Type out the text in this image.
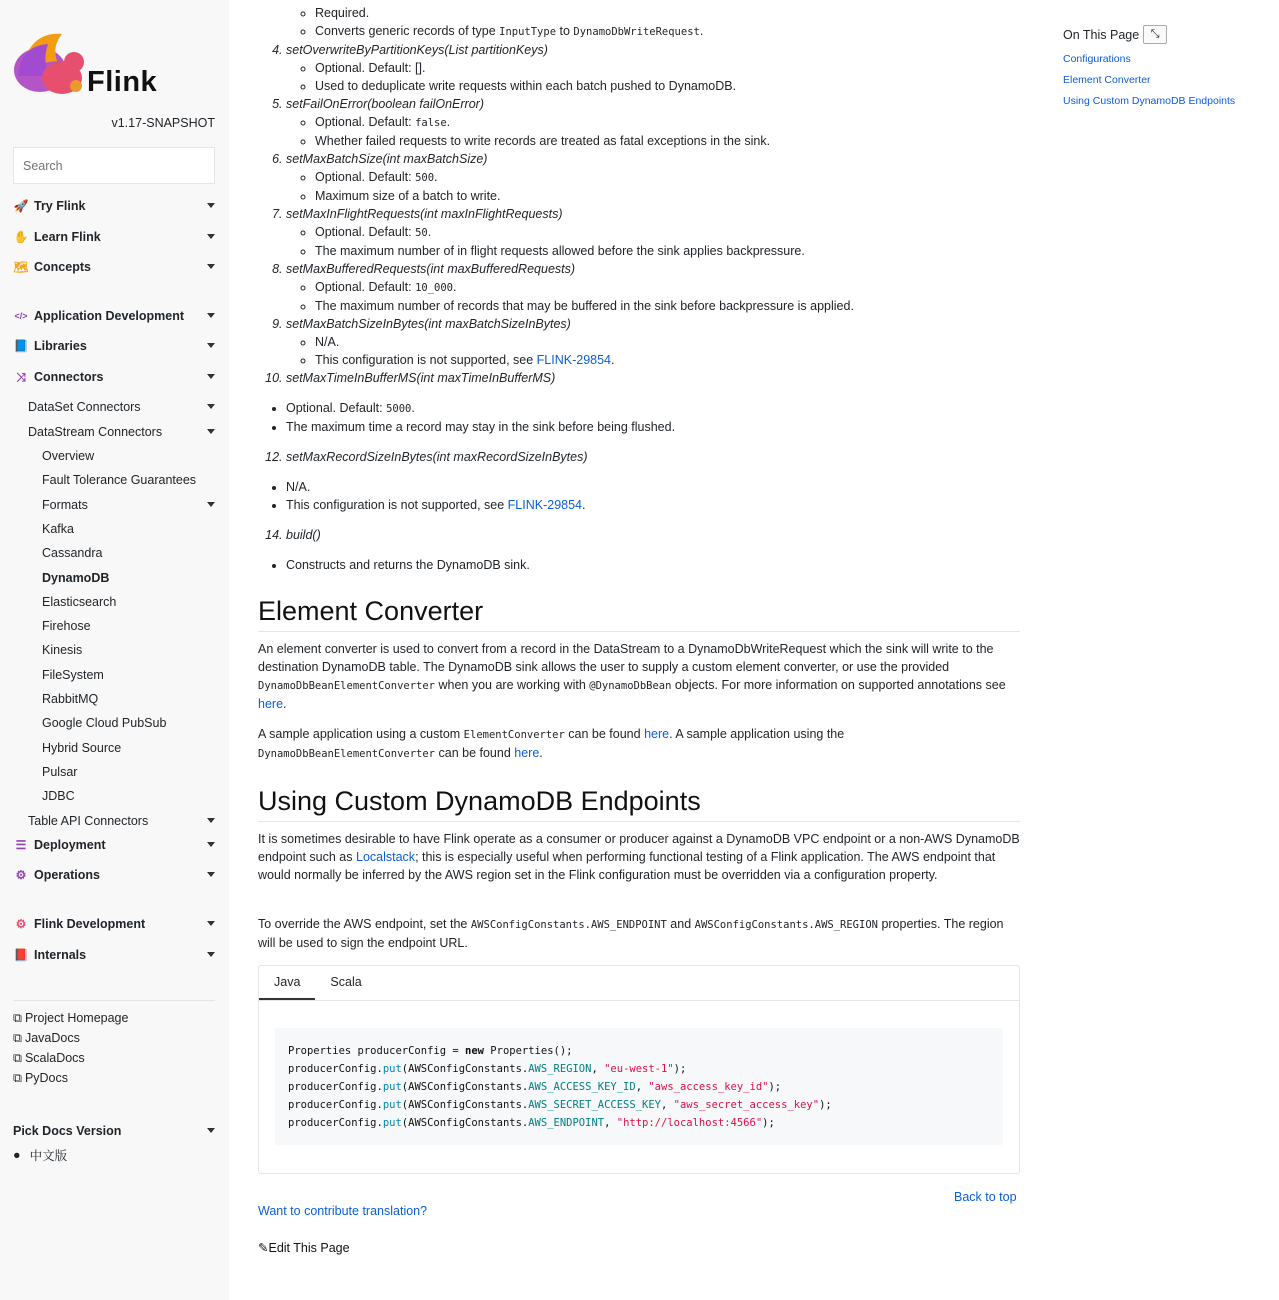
Flink
v1.17-SNAPSHOT
Search
🚀 Try Flink
✋ Learn Flink
🗺 Concepts
</> Application Development
📘 Libraries
⤨ Connectors
DataSet Connectors
DataStream Connectors
Overview
Fault Tolerance Guarantees
Formats
Kafka
Cassandra
DynamoDB
Elasticsearch
Firehose
Kinesis
FileSystem
RabbitMQ
Google Cloud PubSub
Hybrid Source
Pulsar
JDBC
Table API Connectors
☰ Deployment
⚙ Operations
⚙ Flink Development
📕 Internals
⧉ Project Homepage
⧉ JavaDocs
⧉ ScalaDocs
⧉ PyDocs
Pick Docs Version
● 中文版
◦ Required.
◦ Converts generic records of type InputType to DynamoDbWriteRequest.
4. setOverwriteByPartitionKeys(List partitionKeys)
◦ Optional. Default: [].
◦ Used to deduplicate write requests within each batch pushed to DynamoDB.
5. setFailOnError(boolean failOnError)
◦ Optional. Default: false.
◦ Whether failed requests to write records are treated as fatal exceptions in the sink.
6. setMaxBatchSize(int maxBatchSize)
◦ Optional. Default: 500.
◦ Maximum size of a batch to write.
7. setMaxInFlightRequests(int maxInFlightRequests)
◦ Optional. Default: 50.
◦ The maximum number of in flight requests allowed before the sink applies backpressure.
8. setMaxBufferedRequests(int maxBufferedRequests)
◦ Optional. Default: 10_000.
◦ The maximum number of records that may be buffered in the sink before backpressure is applied.
9. setMaxBatchSizeInBytes(int maxBatchSizeInBytes)
◦ N/A.
◦ This configuration is not supported, see FLINK-29854.
10. setMaxTimeInBufferMS(int maxTimeInBufferMS)
• Optional. Default: 5000.
• The maximum time a record may stay in the sink before being flushed.
12. setMaxRecordSizeInBytes(int maxRecordSizeInBytes)
• N/A.
• This configuration is not supported, see FLINK-29854.
14. build()
• Constructs and returns the DynamoDB sink.
Element Converter

An element converter is used to convert from a record in the DataStream to a DynamoDbWriteRequest which the sink will write to the destination DynamoDB table. The DynamoDB sink allows the user to supply a custom element converter, or use the provided DynamoDbBeanElementConverter when you are working with @DynamoDbBean objects. For more information on supported annotations see here.

A sample application using a custom ElementConverter can be found here. A sample application using the DynamoDbBeanElementConverter can be found here.

Using Custom DynamoDB Endpoints

It is sometimes desirable to have Flink operate as a consumer or producer against a DynamoDB VPC endpoint or a non-AWS DynamoDB endpoint such as Localstack; this is especially useful when performing functional testing of a Flink application. The AWS endpoint that would normally be inferred by the AWS region set in the Flink configuration must be overridden via a configuration property.

To override the AWS endpoint, set the AWSConfigConstants.AWS_ENDPOINT and AWSConfigConstants.AWS_REGION properties. The region will be used to sign the endpoint URL.

Java	Scala
Properties producerConfig = new Properties();
producerConfig.put(AWSConfigConstants.AWS_REGION, "eu-west-1");
producerConfig.put(AWSConfigConstants.AWS_ACCESS_KEY_ID, "aws_access_key_id");
producerConfig.put(AWSConfigConstants.AWS_SECRET_ACCESS_KEY, "aws_secret_access_key");
producerConfig.put(AWSConfigConstants.AWS_ENDPOINT, "http://localhost:4566");
Back to top
Want to contribute translation?
✎Edit This Page
On This Page ⤡
Configurations
Element Converter
Using Custom DynamoDB Endpoints
